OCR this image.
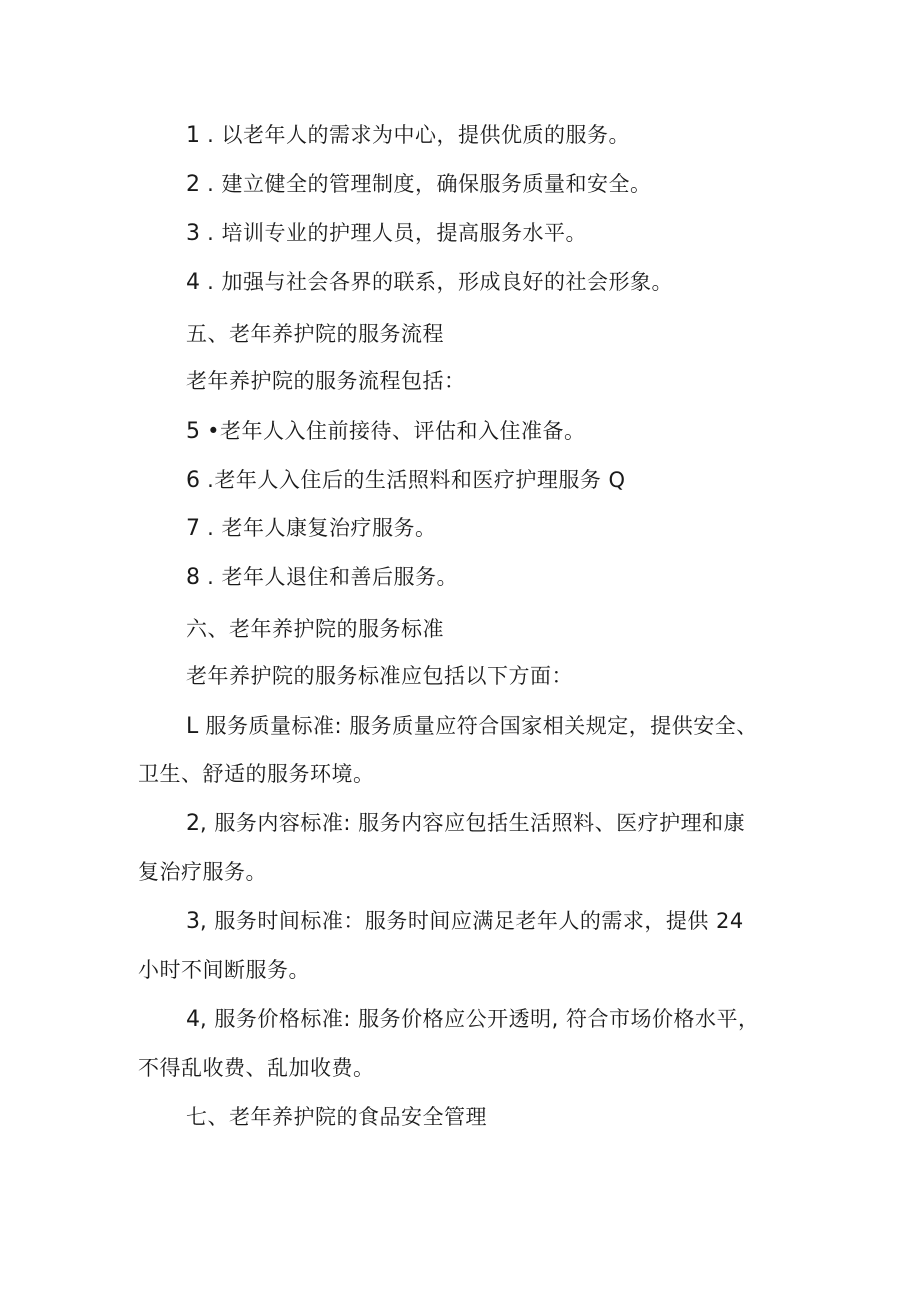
1 . 以老年人的需求为中心，提供优质的服务。
2 . 建立健全的管理制度，确保服务质量和安全。
3 . 培训专业的护理人员，提高服务水平。
4 . 加强与社会各界的联系，形成良好的社会形象。
五、老年养护院的服务流程
老年养护院的服务流程包括：
5 •老年人入住前接待、评估和入住准备。
6 .老年人入住后的生活照料和医疗护理服务 Q
7 . 老年人康复治疗服务。
8 . 老年人退住和善后服务。
六、老年养护院的服务标准
老年养护院的服务标准应包括以下方面：
L 服务质量标准: 服务质量应符合国家相关规定，提供安全、
卫生、舒适的服务环境。
2, 服务内容标准: 服务内容应包括生活照料、医疗护理和康
复治疗服务。
3, 服务时间标准：服务时间应满足老年人的需求，提供 24
小时不间断服务。
4, 服务价格标准: 服务价格应公开透明, 符合市场价格水平，
不得乱收费、乱加收费。
七、老年养护院的食品安全管理
